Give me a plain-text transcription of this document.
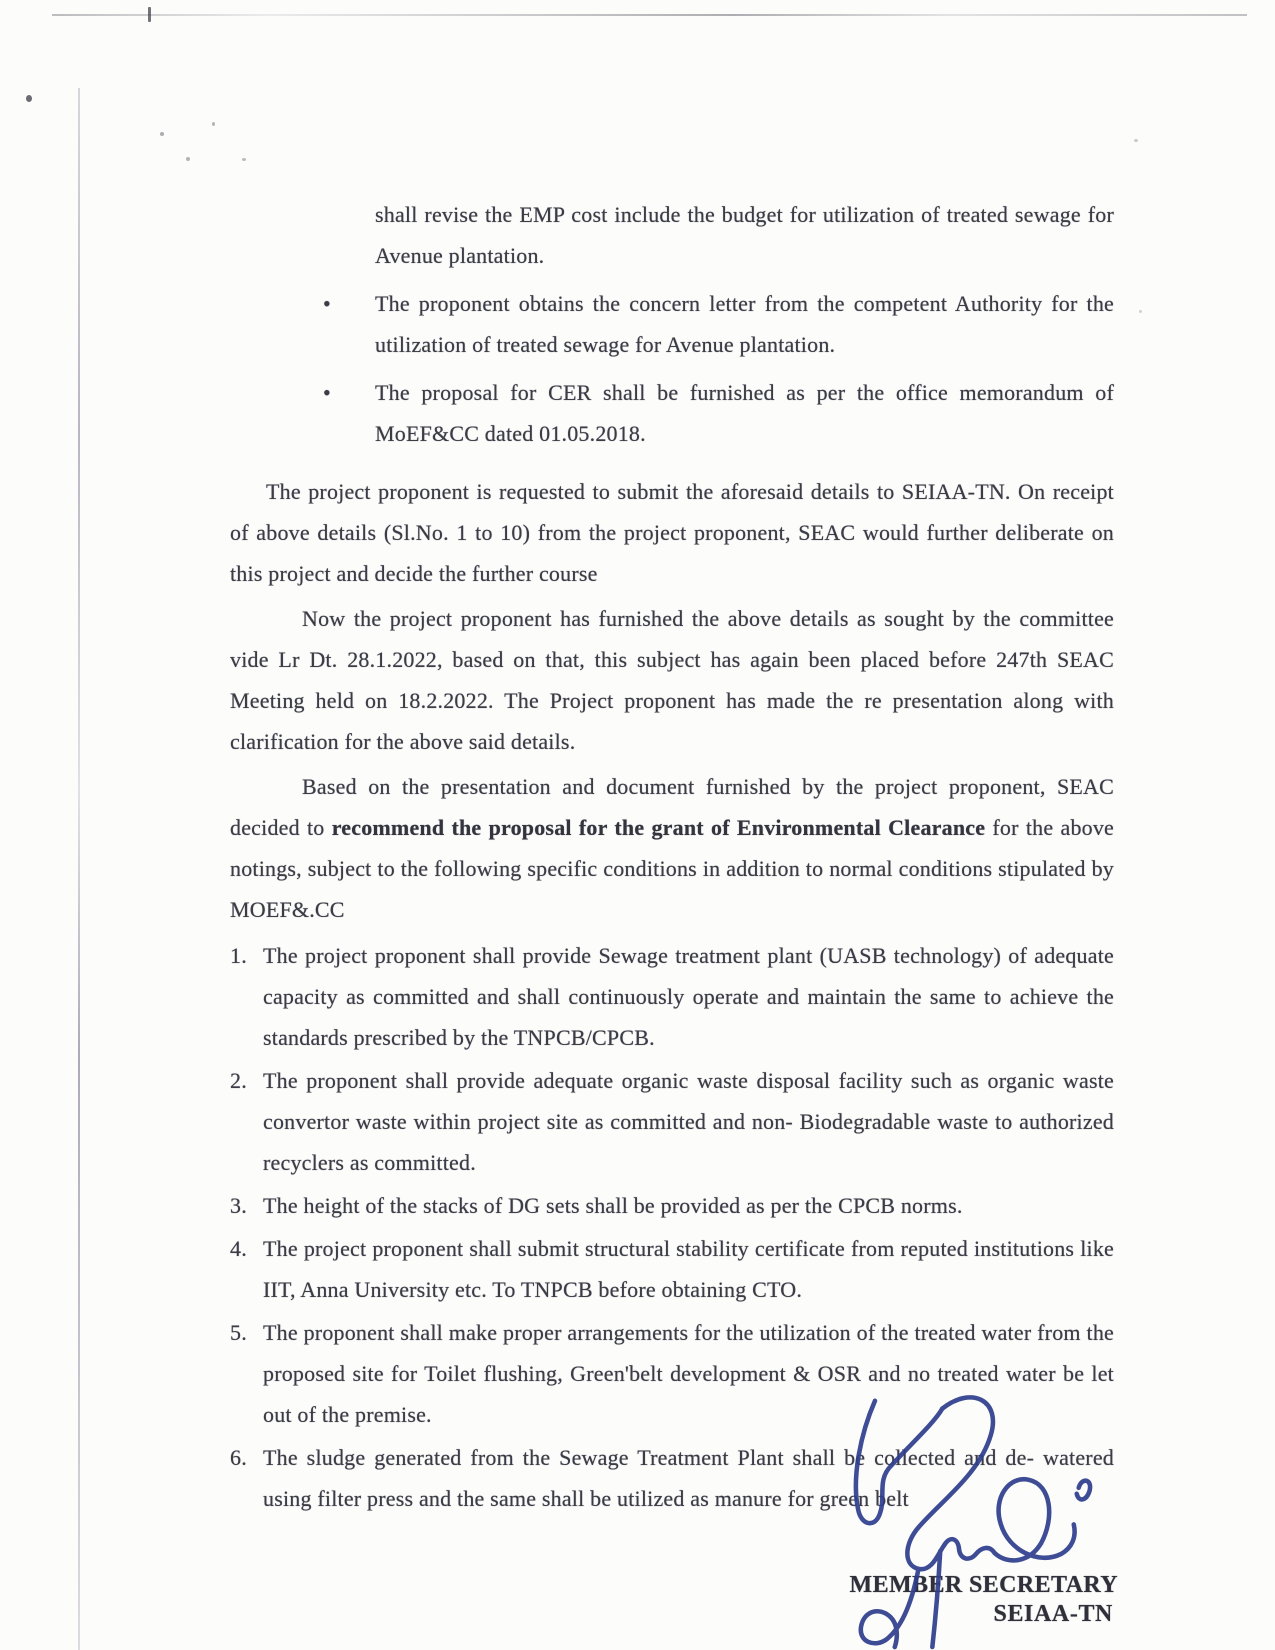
shall revise the EMP cost include the budget for utilization of treated sewage for Avenue plantation.

• The proponent obtains the concern letter from the competent Authority for the utilization of treated sewage for Avenue plantation.
• The proposal for CER shall be furnished as per the office memorandum of MoEF&CC dated 01.05.2018.

The project proponent is requested to submit the aforesaid details to SEIAA-TN. On receipt of above details (Sl.No. 1 to 10) from the project proponent, SEAC would further deliberate on this project and decide the further course

Now the project proponent has furnished the above details as sought by the committee vide Lr Dt. 28.1.2022, based on that, this subject has again been placed before 247th SEAC Meeting held on 18.2.2022. The Project proponent has made the re presentation along with clarification for the above said details.

Based on the presentation and document furnished by the project proponent, SEAC decided to recommend the proposal for the grant of Environmental Clearance for the above notings, subject to the following specific conditions in addition to normal conditions stipulated by MOEF&.CC

1. The project proponent shall provide Sewage treatment plant (UASB technology) of adequate capacity as committed and shall continuously operate and maintain the same to achieve the standards prescribed by the TNPCB/CPCB.
2. The proponent shall provide adequate organic waste disposal facility such as organic waste convertor waste within project site as committed and non- Biodegradable waste to authorized recyclers as committed.
3. The height of the stacks of DG sets shall be provided as per the CPCB norms.
4. The project proponent shall submit structural stability certificate from reputed institutions like IIT, Anna University etc. To TNPCB before obtaining CTO.
5. The proponent shall make proper arrangements for the utilization of the treated water from the proposed site for Toilet flushing, Green'belt development & OSR and no treated water be let out of the premise.
6. The sludge generated from the Sewage Treatment Plant shall be collected and de- watered using filter press and the same shall be utilized as manure for green belt
MEMBER SECRETARY
SEIAA-TN
